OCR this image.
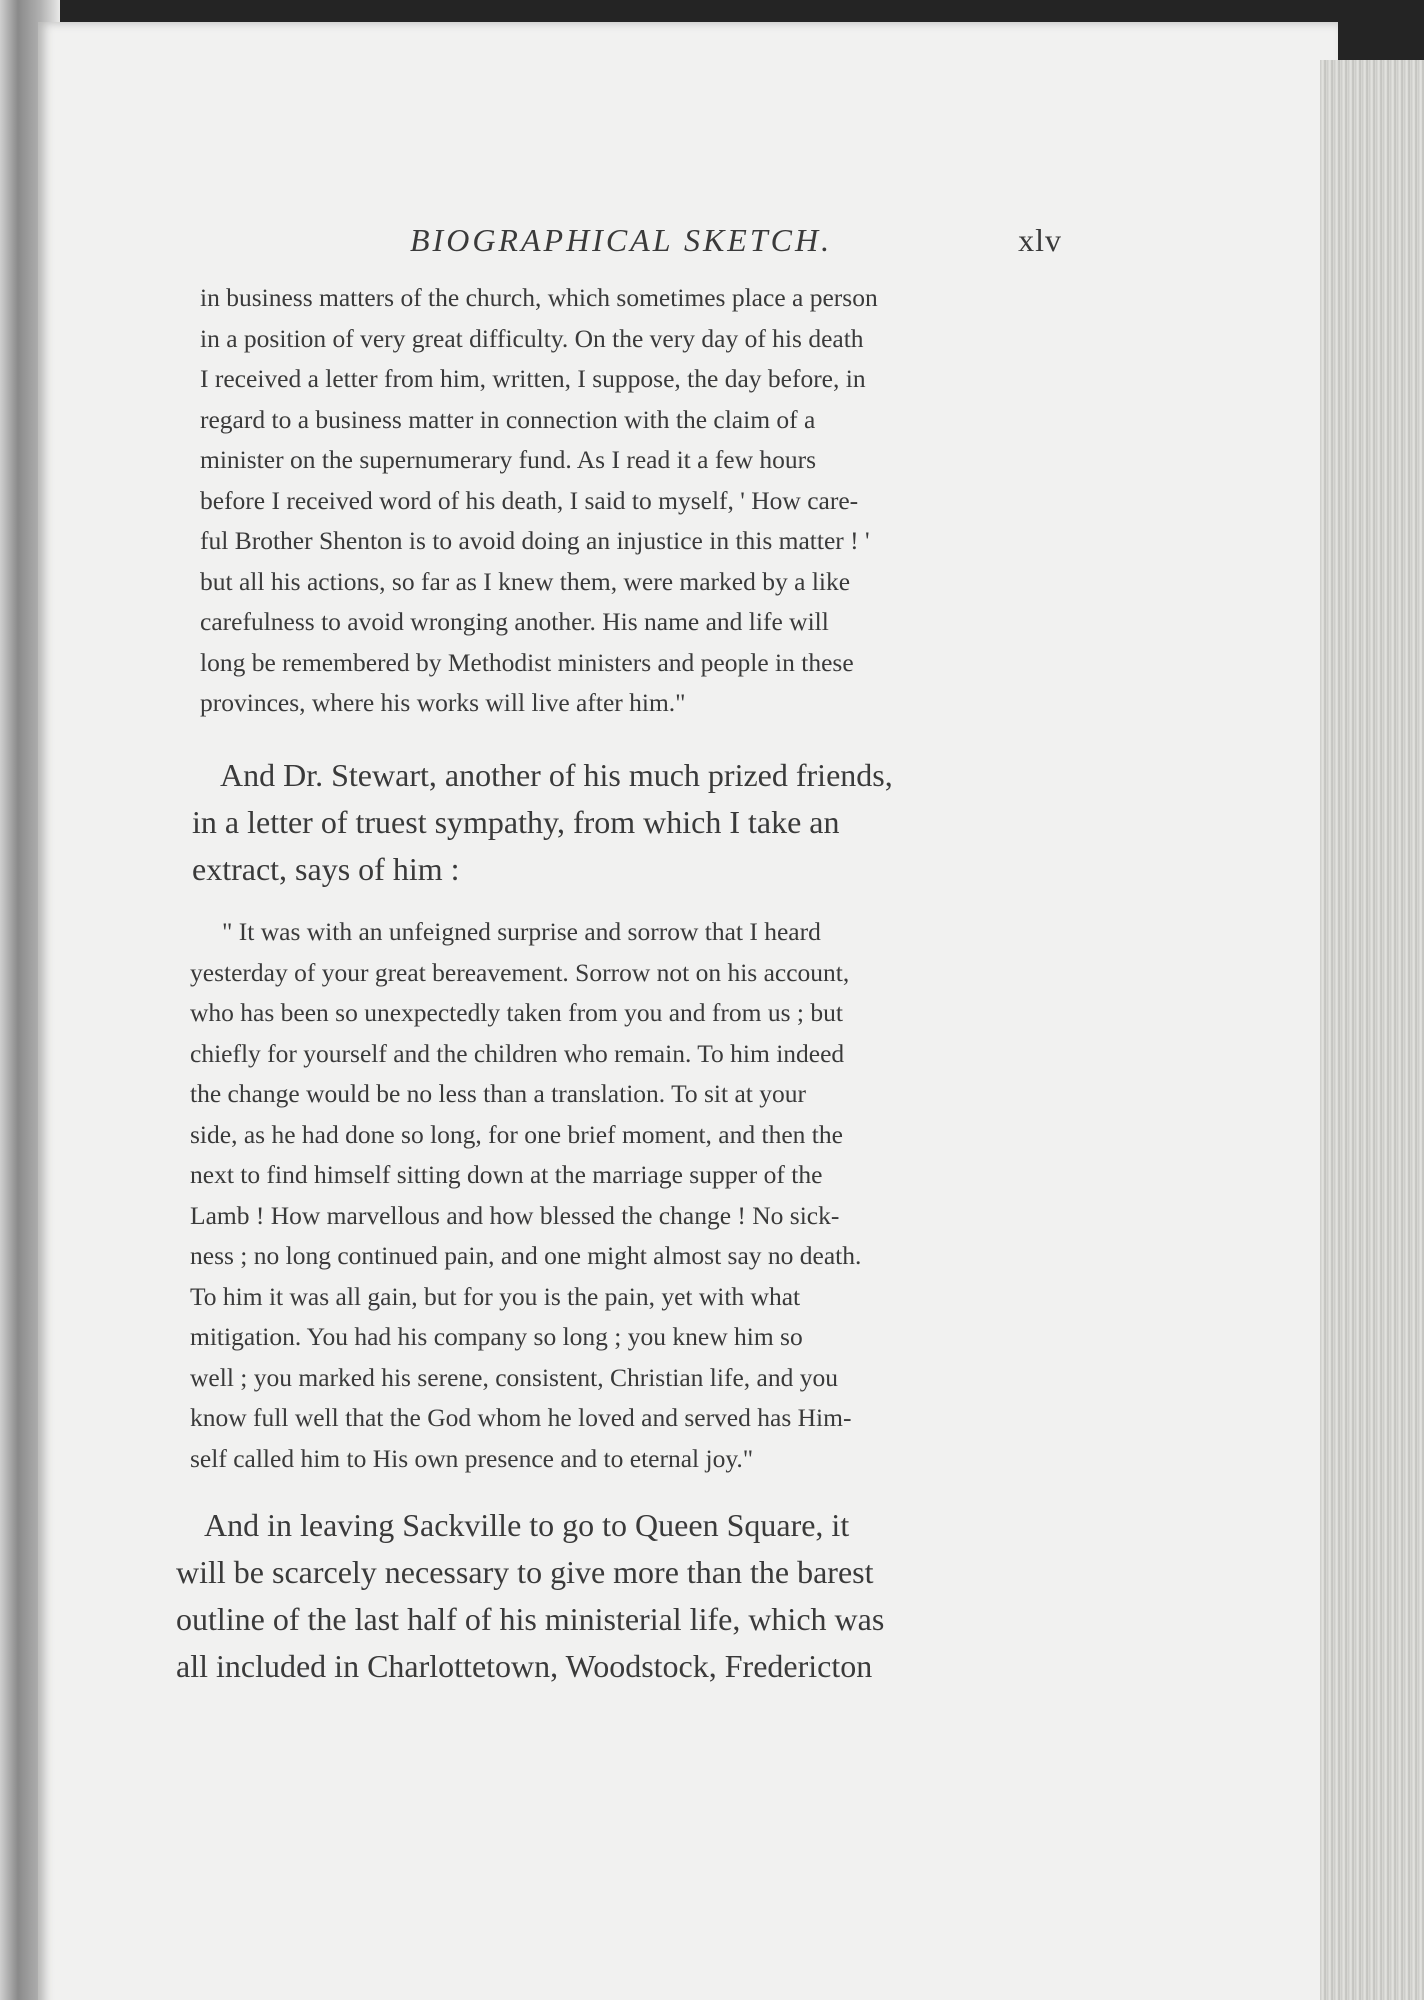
BIOGRAPHICAL SKETCH.	xlv

in business matters of the church, which sometimes place a person
in a position of very great difficulty. On the very day of his death
I received a letter from him, written, I suppose, the day before, in
regard to a business matter in connection with the claim of a
minister on the supernumerary fund. As I read it a few hours
before I received word of his death, I said to myself, ' How care-
ful Brother Shenton is to avoid doing an injustice in this matter ! '
but all his actions, so far as I knew them, were marked by a like
carefulness to avoid wronging another. His name and life will
long be remembered by Methodist ministers and people in these
provinces, where his works will live after him."

And Dr. Stewart, another of his much prized friends,
in a letter of truest sympathy, from which I take an
extract, says of him :

" It was with an unfeigned surprise and sorrow that I heard
yesterday of your great bereavement. Sorrow not on his account,
who has been so unexpectedly taken from you and from us ; but
chiefly for yourself and the children who remain. To him indeed
the change would be no less than a translation. To sit at your
side, as he had done so long, for one brief moment, and then the
next to find himself sitting down at the marriage supper of the
Lamb ! How marvellous and how blessed the change ! No sick-
ness ; no long continued pain, and one might almost say no death.
To him it was all gain, but for you is the pain, yet with what
mitigation. You had his company so long ; you knew him so
well ; you marked his serene, consistent, Christian life, and you
know full well that the God whom he loved and served has Him-
self called him to His own presence and to eternal joy."

And in leaving Sackville to go to Queen Square, it
will be scarcely necessary to give more than the barest
outline of the last half of his ministerial life, which was
all included in Charlottetown, Woodstock, Fredericton
